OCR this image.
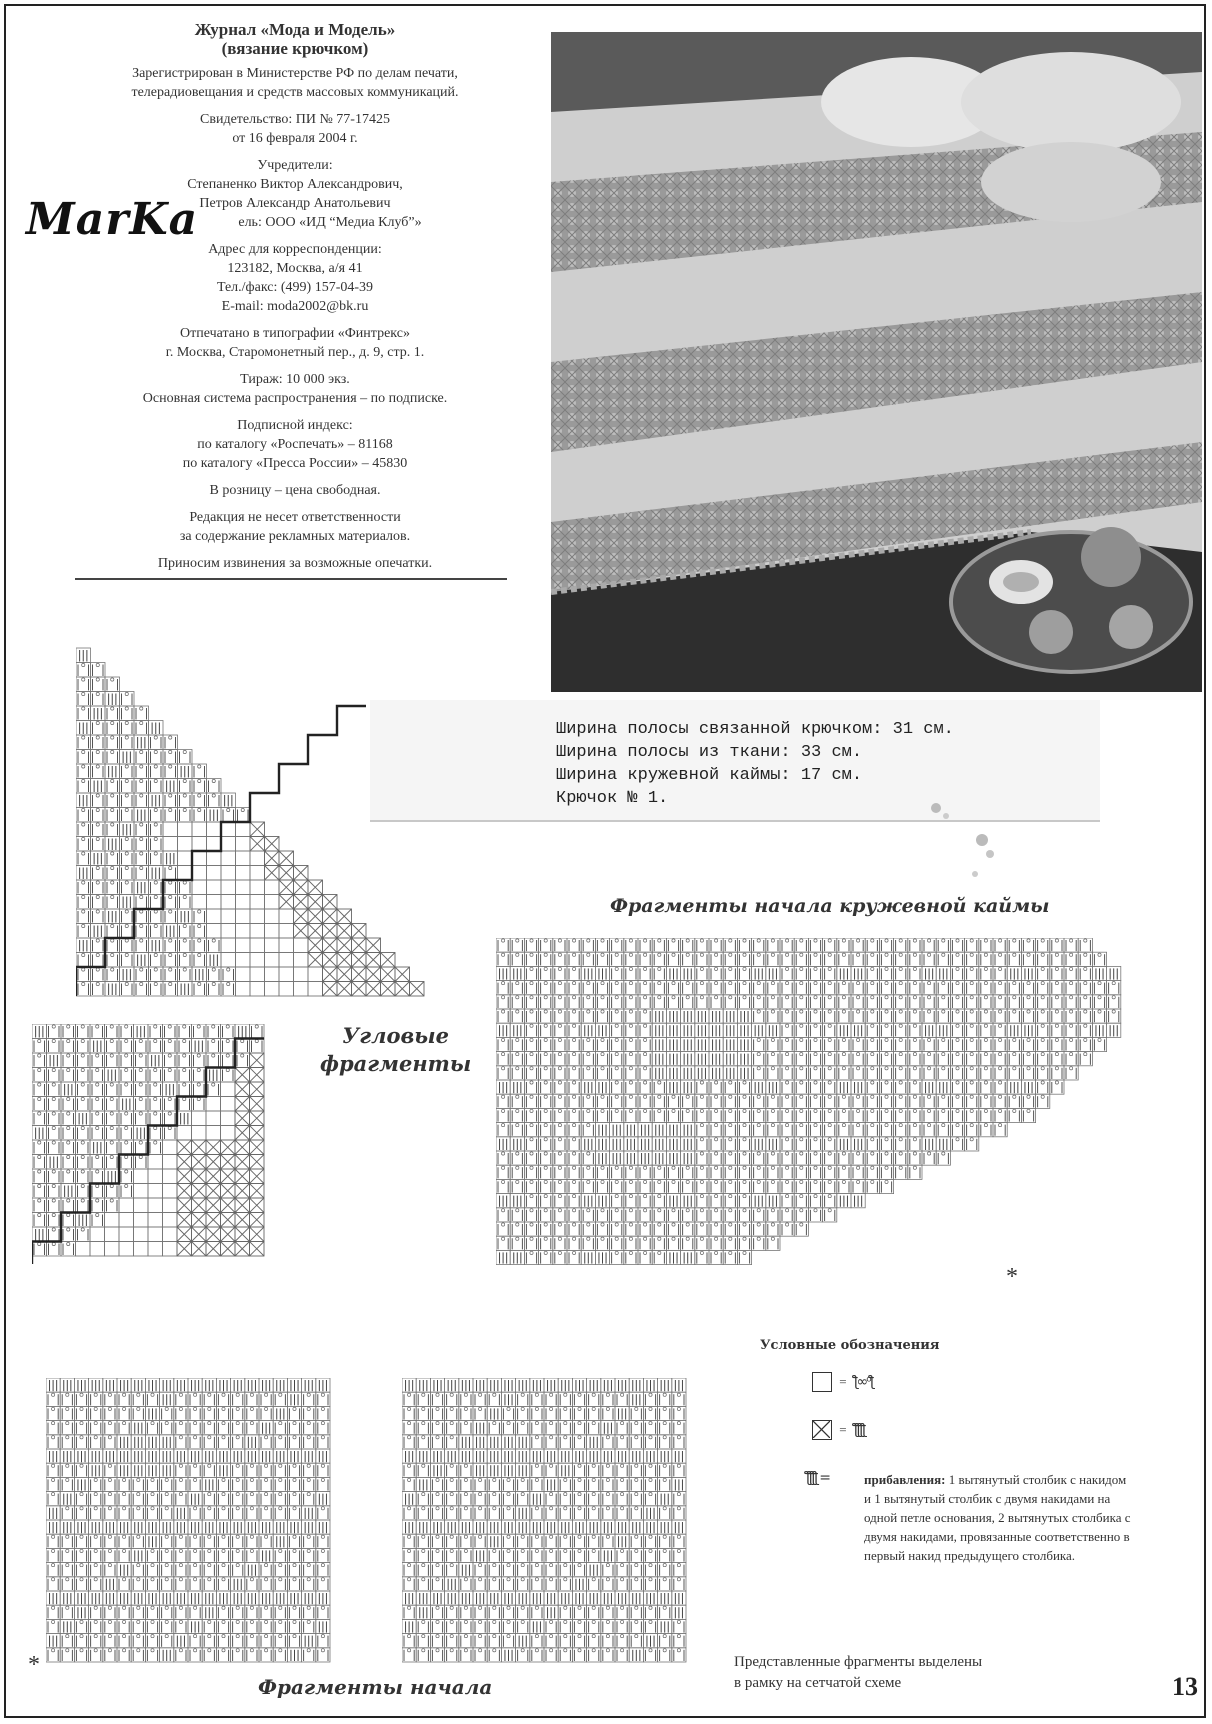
Журнал «Мода и Модель»
(вязание крючком)

Зарегистрирован в Министерстве РФ по делам печати,
телерадиовещания и средств массовых коммуникаций.

Свидетельство: ПИ № 77-17425
от 16 февраля 2004 г.

Учредители:
Степаненко Виктор Александрович,
Петров Александр Анатольевич
ель: ООО «ИД “Медиа Клуб”»

Адрес для корреспонденции:
123182, Москва, а/я 41
Тел./факс: (499) 157-04-39
E-mail: moda2002@bk.ru

Отпечатано в типографии «Финтрекс»
г. Москва, Старомонетный пер., д. 9, стр. 1.

Тираж: 10 000 экз.
Основная система распространения – по подписке.

Подписной индекс:
по каталогу «Роспечать» – 81168
по каталогу «Пресса России» – 45830

В розницу – цена свободная.

Редакция не несет ответственности
за содержание рекламных материалов.

Приносим извинения за возможные опечатки.

MarKa
Ширина полосы связанной крючком: 31 см.
Ширина полосы из ткани: 33 см.
Ширина кружевной каймы: 17 см.
Крючок № 1.
Фрагменты начала кружевной каймы
Угловые
фрагменты
Фрагменты начала
*
*
Условные обозначения
= ƪ∞ᵒƪ
= ƪƪƪƪ
ƪƪƪƪ =	прибавления: 1 вытянутый столбик с накидом и 1 вытянутый столбик с двумя накидами на одной петле основания, 2 вытянутых столбика с двумя накидами, провязанные соответственно в первый накид предыдущего столбика.
Представленные фрагменты выделены
в рамку на сетчатой схеме	13
